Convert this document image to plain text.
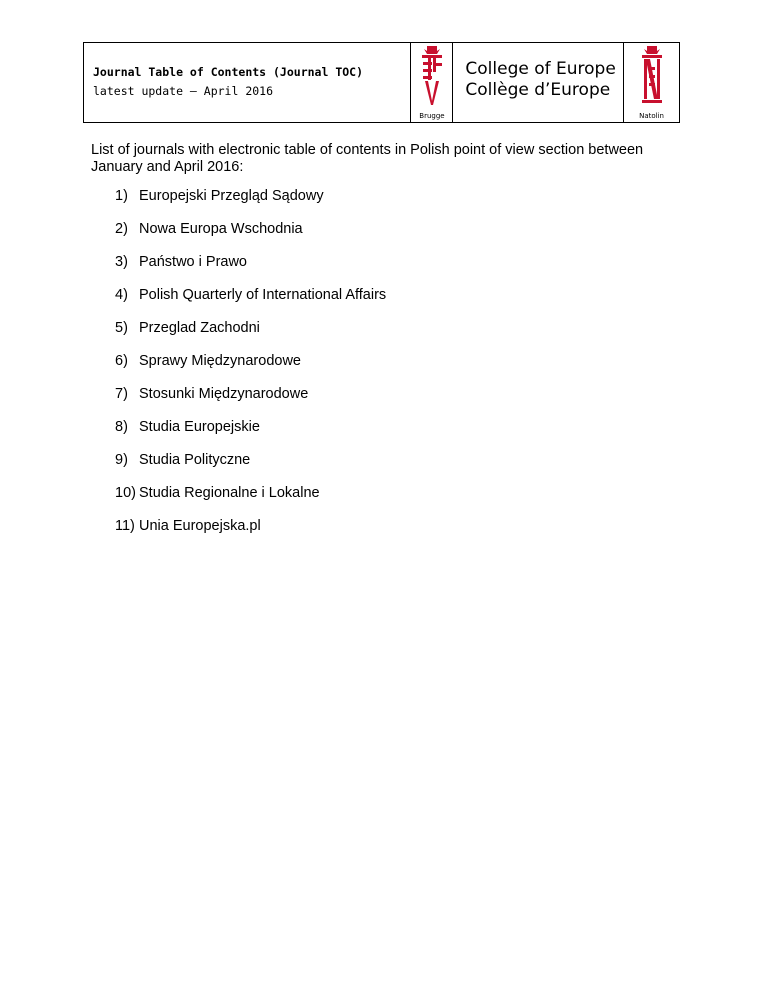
Journal Table of Contents (Journal TOC)
latest update – April 2016
Brugge
College of Europe
Collège d’Europe
Natolin
List of journals with electronic table of contents in Polish point of view section between January and April 2016:
1) Europejski Przegląd Sądowy
2) Nowa Europa Wschodnia
3) Państwo i Prawo
4) Polish Quarterly of International Affairs
5) Przeglad Zachodni
6) Sprawy Międzynarodowe
7) Stosunki Międzynarodowe
8) Studia Europejskie
9) Studia Polityczne
10) Studia Regionalne i Lokalne
11) Unia Europejska.pl
